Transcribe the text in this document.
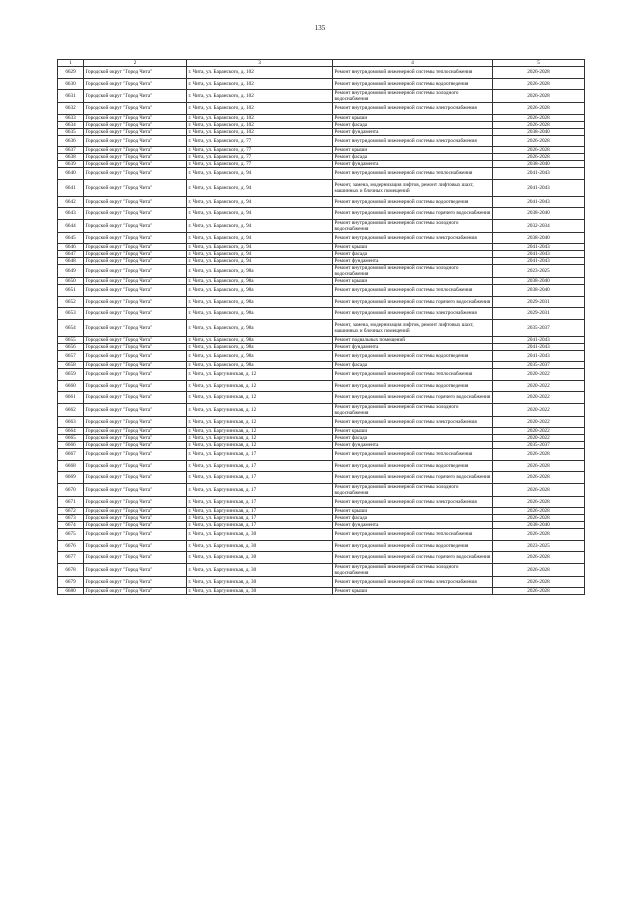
135
1	2	3	4	5
6629	Городской округ "Город Чита"	г. Чита, ул. Баранского, д. 102	Ремонт внутридомовой инженерной системы теплоснабжения	2026-2028
6630	Городской округ "Город Чита"	г. Чита, ул. Баранского, д. 102	Ремонт внутридомовой инженерной системы водоотведения	2026-2028
6631	Городской округ "Город Чита"	г. Чита, ул. Баранского, д. 102	Ремонт внутридомовой инженерной системы холодного водоснабжения	2026-2028
6632	Городской округ "Город Чита"	г. Чита, ул. Баранского, д. 102	Ремонт внутридомовой инженерной системы электроснабжения	2026-2028
6633	Городской округ "Город Чита"	г. Чита, ул. Баранского, д. 102	Ремонт крыши	2026-2028
6634	Городской округ "Город Чита"	г. Чита, ул. Баранского, д. 102	Ремонт фасада	2026-2028
6635	Городской округ "Город Чита"	г. Чита, ул. Баранского, д. 102	Ремонт фундамента	2038-2040
6636	Городской округ "Город Чита"	г. Чита, ул. Баранского, д. 77	Ремонт внутридомовой инженерной системы электроснабжения	2026-2028
6637	Городской округ "Город Чита"	г. Чита, ул. Баранского, д. 77	Ремонт крыши	2026-2028
6638	Городской округ "Город Чита"	г. Чита, ул. Баранского, д. 77	Ремонт фасада	2026-2028
6639	Городской округ "Город Чита"	г. Чита, ул. Баранского, д. 77	Ремонт фундамента	2038-2040
6640	Городской округ "Город Чита"	г. Чита, ул. Баранского, д. 94	Ремонт внутридомовой инженерной системы теплоснабжения	2041-2043
6641	Городской округ "Город Чита"	г. Чита, ул. Баранского, д. 94	Ремонт, замена, модернизация лифтов, ремонт лифтовых шахт, машинных и блочных помещений	2041-2043
6642	Городской округ "Город Чита"	г. Чита, ул. Баранского, д. 94	Ремонт внутридомовой инженерной системы водоотведения	2041-2043
6643	Городской округ "Город Чита"	г. Чита, ул. Баранского, д. 94	Ремонт внутридомовой инженерной системы горячего водоснабжения	2038-2040
6644	Городской округ "Город Чита"	г. Чита, ул. Баранского, д. 94	Ремонт внутридомовой инженерной системы холодного водоснабжения	2032-2034
6645	Городской округ "Город Чита"	г. Чита, ул. Баранского, д. 94	Ремонт внутридомовой инженерной системы электроснабжения	2038-2040
6646	Городской округ "Город Чита"	г. Чита, ул. Баранского, д. 94	Ремонт крыши	2041-2043
6647	Городской округ "Город Чита"	г. Чита, ул. Баранского, д. 94	Ремонт фасада	2041-2043
6648	Городской округ "Город Чита"	г. Чита, ул. Баранского, д. 94	Ремонт фундамента	2041-2043
6649	Городской округ "Город Чита"	г. Чита, ул. Баранского, д. 98а	Ремонт внутридомовой инженерной системы холодного водоснабжения	2023-2025
6650	Городской округ "Город Чита"	г. Чита, ул. Баранского, д. 98а	Ремонт крыши	2038-2040
6651	Городской округ "Город Чита"	г. Чита, ул. Баранского, д. 98а	Ремонт внутридомовой инженерной системы теплоснабжения	2038-2040
6652	Городской округ "Город Чита"	г. Чита, ул. Баранского, д. 98а	Ремонт внутридомовой инженерной системы горячего водоснабжения	2029-2031
6653	Городской округ "Город Чита"	г. Чита, ул. Баранского, д. 98а	Ремонт внутридомовой инженерной системы электроснабжения	2029-2031
6654	Городской округ "Город Чита"	г. Чита, ул. Баранского, д. 98а	Ремонт, замена, модернизация лифтов, ремонт лифтовых шахт, машинных и блочных помещений	2035-2037
6655	Городской округ "Город Чита"	г. Чита, ул. Баранского, д. 98а	Ремонт подвальных помещений	2041-2043
6656	Городской округ "Город Чита"	г. Чита, ул. Баранского, д. 98а	Ремонт фундамента	2041-2043
6657	Городской округ "Город Чита"	г. Чита, ул. Баранского, д. 98а	Ремонт внутридомовой инженерной системы водоотведения	2041-2043
6658	Городской округ "Город Чита"	г. Чита, ул. Баранского, д. 98а	Ремонт фасада	2035-2037
6659	Городской округ "Город Чита"	г. Чита, ул. Баргузинская, д. 12	Ремонт внутридомовой инженерной системы теплоснабжения	2020-2022
6660	Городской округ "Город Чита"	г. Чита, ул. Баргузинская, д. 12	Ремонт внутридомовой инженерной системы водоотведения	2020-2022
6661	Городской округ "Город Чита"	г. Чита, ул. Баргузинская, д. 12	Ремонт внутридомовой инженерной системы горячего водоснабжения	2020-2022
6662	Городской округ "Город Чита"	г. Чита, ул. Баргузинская, д. 12	Ремонт внутридомовой инженерной системы холодного водоснабжения	2020-2022
6663	Городской округ "Город Чита"	г. Чита, ул. Баргузинская, д. 12	Ремонт внутридомовой инженерной системы электроснабжения	2020-2022
6664	Городской округ "Город Чита"	г. Чита, ул. Баргузинская, д. 12	Ремонт крыши	2020-2022
6665	Городской округ "Город Чита"	г. Чита, ул. Баргузинская, д. 12	Ремонт фасада	2020-2022
6666	Городской округ "Город Чита"	г. Чита, ул. Баргузинская, д. 12	Ремонт фундамента	2035-2037
6667	Городской округ "Город Чита"	г. Чита, ул. Баргузинская, д. 17	Ремонт внутридомовой инженерной системы теплоснабжения	2026-2028
6668	Городской округ "Город Чита"	г. Чита, ул. Баргузинская, д. 17	Ремонт внутридомовой инженерной системы водоотведения	2026-2028
6669	Городской округ "Город Чита"	г. Чита, ул. Баргузинская, д. 17	Ремонт внутридомовой инженерной системы горячего водоснабжения	2026-2028
6670	Городской округ "Город Чита"	г. Чита, ул. Баргузинская, д. 17	Ремонт внутридомовой инженерной системы холодного водоснабжения	2026-2028
6671	Городской округ "Город Чита"	г. Чита, ул. Баргузинская, д. 17	Ремонт внутридомовой инженерной системы электроснабжения	2026-2028
6672	Городской округ "Город Чита"	г. Чита, ул. Баргузинская, д. 17	Ремонт крыши	2026-2028
6673	Городской округ "Город Чита"	г. Чита, ул. Баргузинская, д. 17	Ремонт фасада	2026-2028
6674	Городской округ "Город Чита"	г. Чита, ул. Баргузинская, д. 17	Ремонт фундамента	2038-2040
6675	Городской округ "Город Чита"	г. Чита, ул. Баргузинская, д. 30	Ремонт внутридомовой инженерной системы теплоснабжения	2026-2028
6676	Городской округ "Город Чита"	г. Чита, ул. Баргузинская, д. 30	Ремонт внутридомовой инженерной системы водоотведения	2023-2025
6677	Городской округ "Город Чита"	г. Чита, ул. Баргузинская, д. 30	Ремонт внутридомовой инженерной системы горячего водоснабжения	2026-2028
6678	Городской округ "Город Чита"	г. Чита, ул. Баргузинская, д. 30	Ремонт внутридомовой инженерной системы холодного водоснабжения	2026-2028
6679	Городской округ "Город Чита"	г. Чита, ул. Баргузинская, д. 30	Ремонт внутридомовой инженерной системы электроснабжения	2026-2028
6680	Городской округ "Город Чита"	г. Чита, ул. Баргузинская, д. 30	Ремонт крыши	2026-2028
